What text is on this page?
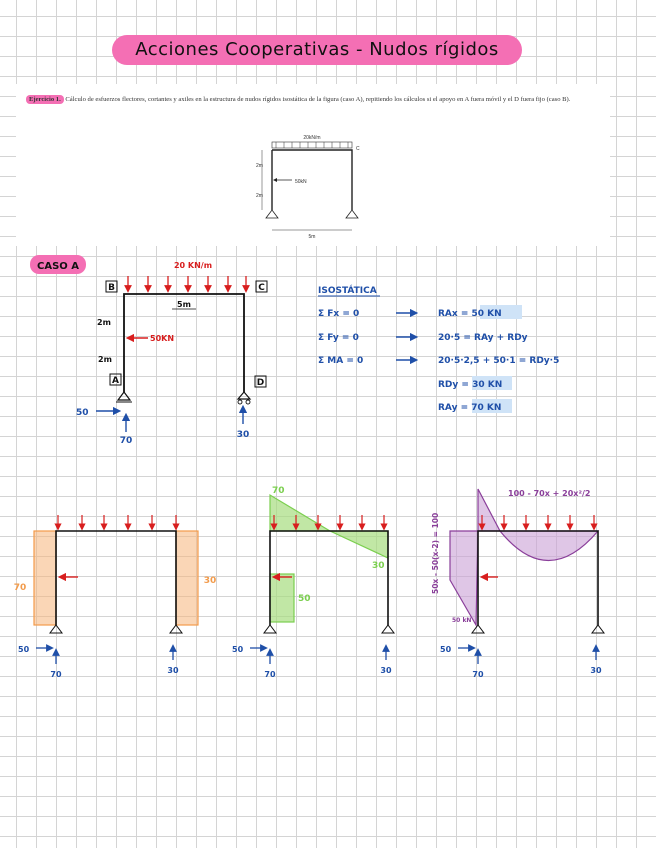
Acciones Cooperativas - Nudos rígidos
Ejercicio 1. Cálculo de esfuerzos flectores, cortantes y axiles en la estructura de nudos rígidos isostática de la figura (caso A), repitiendo los cálculos si el apoyo en A fuera móvil y el D fuera fijo (caso B).
20kN/m
5m
2m
2m
50kN
C
CASO A	20 KN/m
B	C
A	D
5m
2m
2m
50KN
50
70
30
ISOSTÁTICA
Σ Fx = 0	RAx = 50 KN
Σ Fy = 0	20·5 = RAy + RDy
Σ MA = 0	20·5·2,5 + 50·1 = RDy·5
RDy = 30 KN
RAy = 70 KN
70
30
50
70	30
70
30
50
50
70	30
50x - 50(x-2) = 100
100 - 70x + 20x²/2
50 kN
50
70	30
